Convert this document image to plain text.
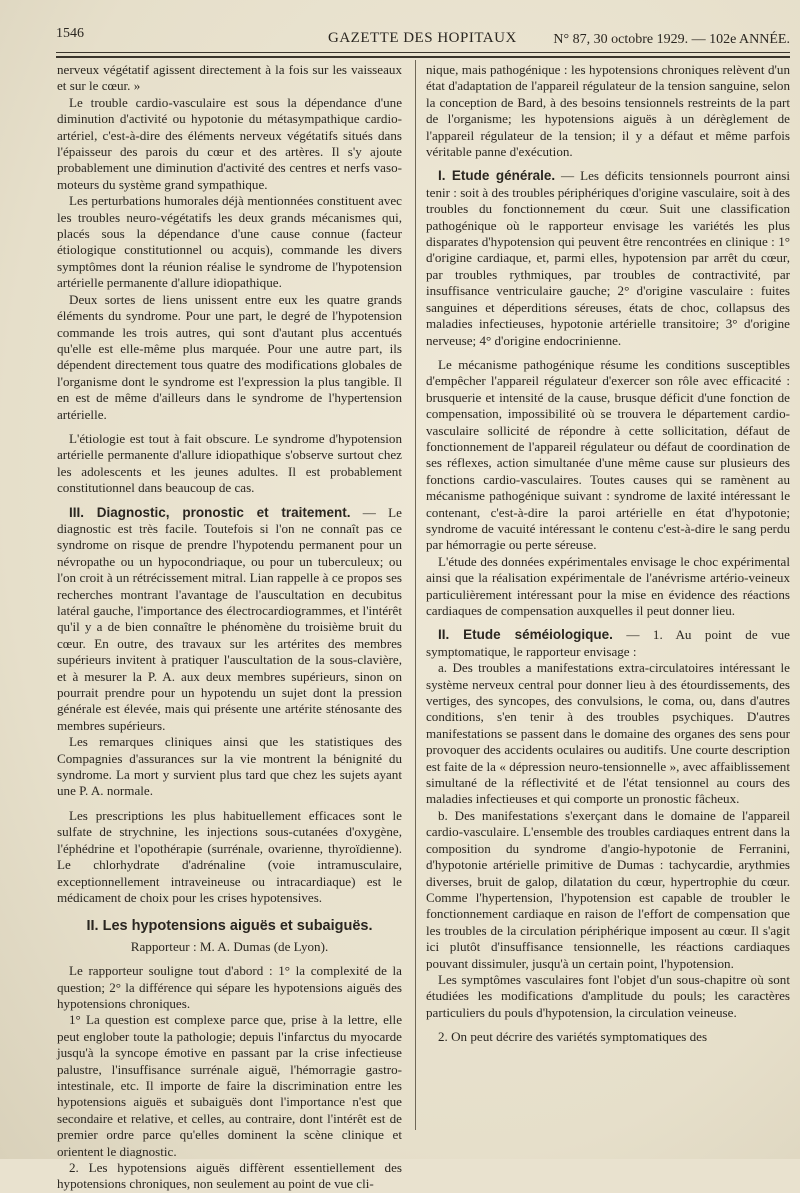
1546	GAZETTE DES HOPITAUX	N° 87, 30 octobre 1929. — 102e ANNÉE.

nerveux végétatif agissent directement à la fois sur les vaisseaux et sur le cœur. »

Le trouble cardio-vasculaire est sous la dépendance d'une diminution d'activité ou hypotonie du métasympathique cardio-artériel, c'est-à-dire des éléments nerveux végétatifs situés dans l'épaisseur des parois du cœur et des artères. Il s'y ajoute probablement une diminution d'activité des centres et nerfs vaso-moteurs du système grand sympathique.

Les perturbations humorales déjà mentionnées constituent avec les troubles neuro-végétatifs les deux grands mécanismes qui, placés sous la dépendance d'une cause connue (facteur étiologique constitutionnel ou acquis), commande les divers symptômes dont la réunion réalise le syndrome de l'hypotension artérielle permanente d'allure idiopathique.

Deux sortes de liens unissent entre eux les quatre grands éléments du syndrome. Pour une part, le degré de l'hypotension commande les trois autres, qui sont d'autant plus accentués qu'elle est elle-même plus marquée. Pour une autre part, ils dépendent directement tous quatre des modifications globales de l'organisme dont le syndrome est l'expression la plus tangible. Il en est de même d'ailleurs dans le syndrome de l'hypertension artérielle.

L'étiologie est tout à fait obscure. Le syndrome d'hypotension artérielle permanente d'allure idiopathique s'observe surtout chez les adolescents et les jeunes adultes. Il est probablement constitutionnel dans beaucoup de cas.

III. Diagnostic, pronostic et traitement. — Le diagnostic est très facile. Toutefois si l'on ne connaît pas ce syndrome on risque de prendre l'hypotendu permanent pour un névropathe ou un hypocondriaque, ou pour un tuberculeux; ou l'on croit à un rétrécissement mitral. Lian rappelle à ce propos ses recherches montrant l'avantage de l'auscultation en decubitus latéral gauche, l'importance des électrocardiogrammes, et l'intérêt qu'il y a de bien connaître le phénomène du troisième bruit du cœur. En outre, des travaux sur les artérites des membres supérieurs invitent à pratiquer l'auscultation de la sous-clavière, et à mesurer la P. A. aux deux membres supérieurs, sinon on pourrait prendre pour un hypotendu un sujet dont la pression générale est élevée, mais qui présente une artérite sténosante des membres supérieurs.

Les remarques cliniques ainsi que les statistiques des Compagnies d'assurances sur la vie montrent la bénignité du syndrome. La mort y survient plus tard que chez les sujets ayant une P. A. normale.

Les prescriptions les plus habituellement efficaces sont le sulfate de strychnine, les injections sous-cutanées d'oxygène, l'éphédrine et l'opothérapie (surrénale, ovarienne, thyroïdienne). Le chlorhydrate d'adrénaline (voie intramusculaire, exceptionnellement intraveineuse ou intracardiaque) est le médicament de choix pour les crises hypotensives.

II. Les hypotensions aiguës et subaiguës.
Rapporteur : M. A. Dumas (de Lyon).

Le rapporteur souligne tout d'abord : 1° la complexité de la question; 2° la différence qui sépare les hypotensions aiguës des hypotensions chroniques.

1° La question est complexe parce que, prise à la lettre, elle peut englober toute la pathologie; depuis l'infarctus du myocarde jusqu'à la syncope émotive en passant par la crise infectieuse palustre, l'insuffisance surrénale aiguë, l'hémorragie gastro-intestinale, etc. Il importe de faire la discrimination entre les hypotensions aiguës et subaiguës dont l'importance n'est que secondaire et relative, et celles, au contraire, dont l'intérêt est de premier ordre parce qu'elles dominent la scène clinique et orientent le diagnostic.

2. Les hypotensions aiguës diffèrent essentiellement des hypotensions chroniques, non seulement au point de vue cli-

nique, mais pathogénique : les hypotensions chroniques relèvent d'un état d'adaptation de l'appareil régulateur de la tension sanguine, selon la conception de Bard, à des besoins tensionnels restreints de la part de l'organisme; les hypotensions aiguës à un dérèglement de l'appareil régulateur de la tension; il y a défaut et même parfois véritable panne d'exécution.

I. Etude générale. — Les déficits tensionnels pourront ainsi tenir : soit à des troubles périphériques d'origine vasculaire, soit à des troubles du fonctionnement du cœur. Suit une classification pathogénique où le rapporteur envisage les variétés les plus disparates d'hypotension qui peuvent être rencontrées en clinique : 1° d'origine cardiaque, et, parmi elles, hypotension par arrêt du cœur, par troubles rythmiques, par troubles de contractivité, par insuffisance ventriculaire gauche; 2° d'origine vasculaire : fuites sanguines et déperditions séreuses, états de choc, collapsus des maladies infectieuses, hypotonie artérielle transitoire; 3° d'origine nerveuse; 4° d'origine endocrinienne.

Le mécanisme pathogénique résume les conditions susceptibles d'empêcher l'appareil régulateur d'exercer son rôle avec efficacité : brusquerie et intensité de la cause, brusque déficit d'une fonction de compensation, impossibilité où se trouvera le département cardio-vasculaire sollicité de répondre à cette sollicitation, défaut de fonctionnement de l'appareil régulateur ou défaut de coordination de ses réflexes, action simultanée d'une même cause sur plusieurs des fonctions cardio-vasculaires. Toutes causes qui se ramènent au mécanisme pathogénique suivant : syndrome de laxité intéressant le contenant, c'est-à-dire la paroi artérielle en état d'hypotonie; syndrome de vacuité intéressant le contenu c'est-à-dire le sang perdu par hémorragie ou perte séreuse.

L'étude des données expérimentales envisage le choc expérimental ainsi que la réalisation expérimentale de l'anévrisme artério-veineux particulièrement intéressant pour la mise en évidence des réactions cardiaques de compensation auxquelles il peut donner lieu.

II. Etude séméiologique. — 1. Au point de vue symptomatique, le rapporteur envisage :

a. Des troubles a manifestations extra-circulatoires intéressant le système nerveux central pour donner lieu à des étourdissements, des vertiges, des syncopes, des convulsions, le coma, ou, dans d'autres conditions, s'en tenir à des troubles psychiques. D'autres manifestations se passent dans le domaine des organes des sens pour provoquer des accidents oculaires ou auditifs. Une courte description est faite de la « dépression neuro-tensionnelle », avec affaiblissement simultané de la réflectivité et de l'état tensionnel au cours des maladies infectieuses et qui comporte un pronostic fâcheux.

b. Des manifestations s'exerçant dans le domaine de l'appareil cardio-vasculaire. L'ensemble des troubles cardiaques entrent dans la composition du syndrome d'angio-hypotonie de Ferranini, d'hypotonie artérielle primitive de Dumas : tachycardie, arythmies diverses, bruit de galop, dilatation du cœur, hypertrophie du cœur. Comme l'hypertension, l'hypotension est capable de troubler le fonctionnement cardiaque en raison de l'effort de compensation que les troubles de la circulation périphérique imposent au cœur. Il s'agit ici plutôt d'insuffisance tensionnelle, les réactions cardiaques pouvant dissimuler, jusqu'à un certain point, l'hypotension.

Les symptômes vasculaires font l'objet d'un sous-chapitre où sont étudiées les modifications d'amplitude du pouls; les caractères particuliers du pouls d'hypotension, la circulation veineuse.

2. On peut décrire des variétés symptomatiques des
